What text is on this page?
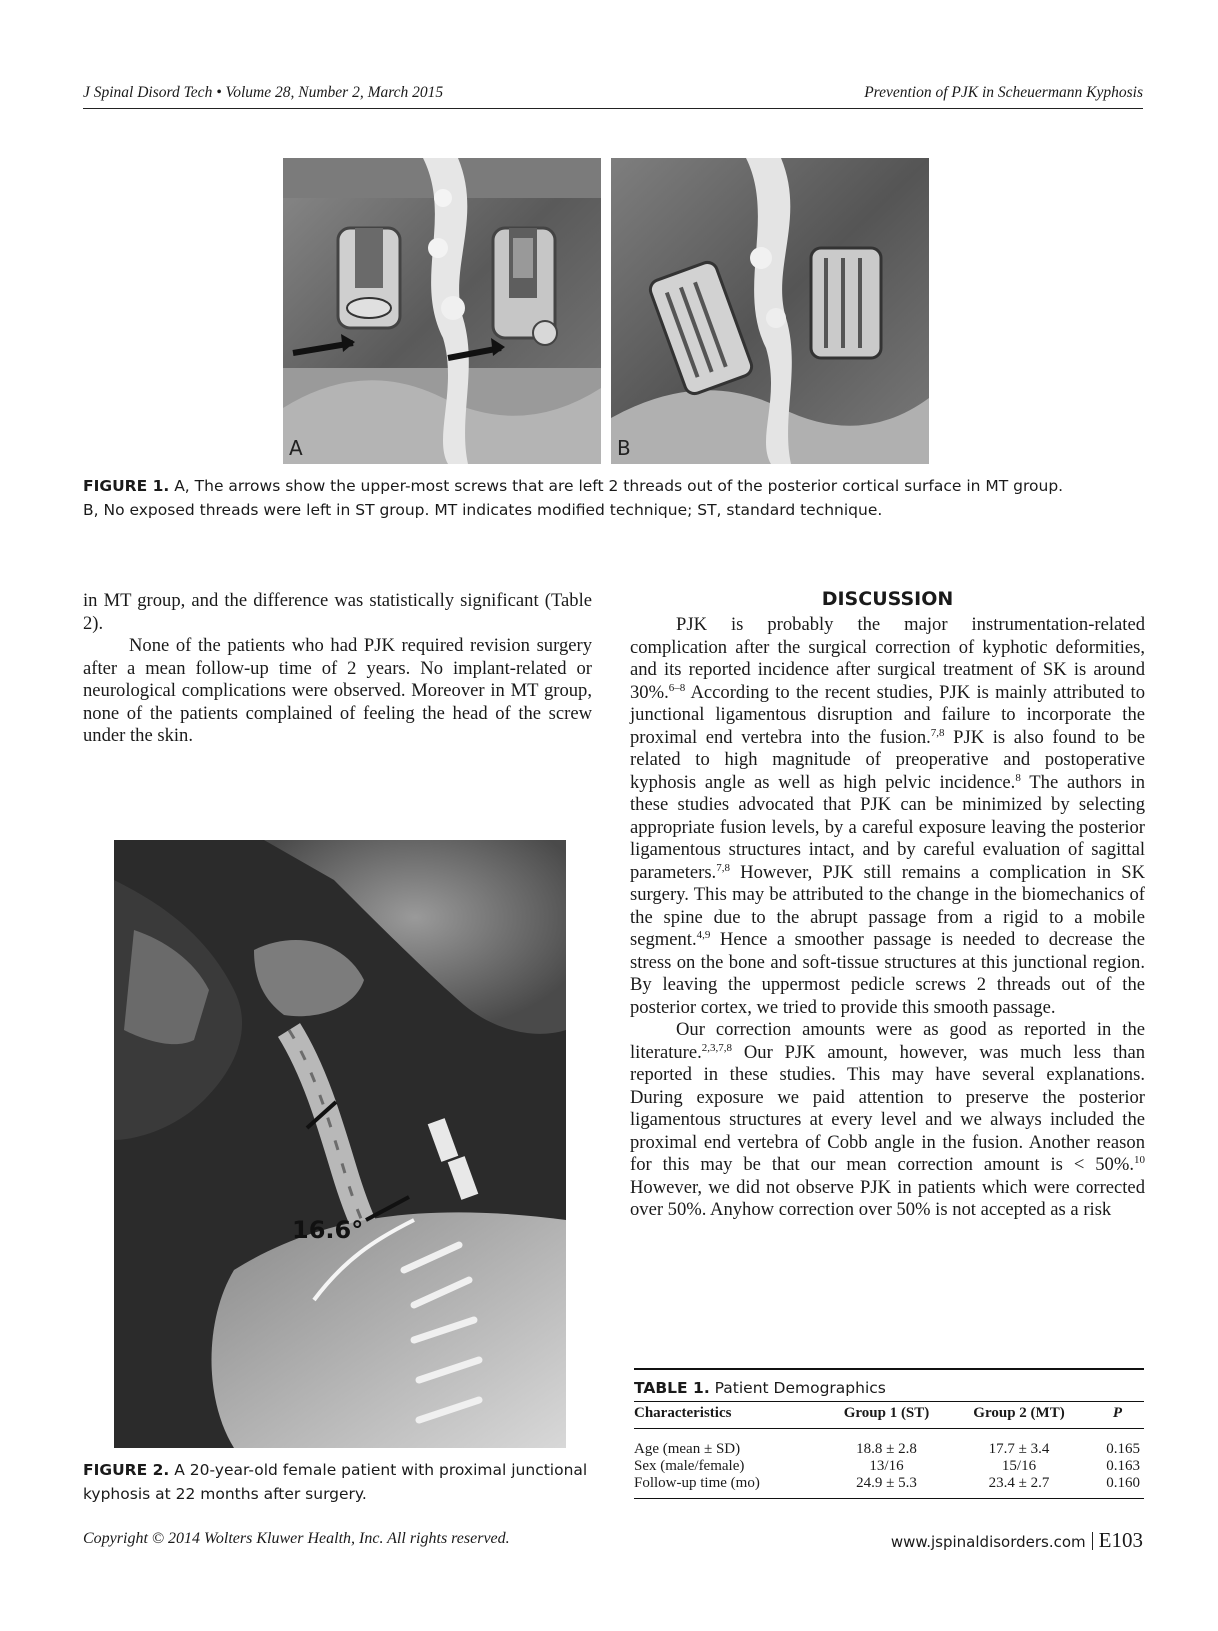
J Spinal Disord Tech • Volume 28, Number 2, March 2015	Prevention of PJK in Scheuermann Kyphosis
A	B
FIGURE 1. A, The arrows show the upper-most screws that are left 2 threads out of the posterior cortical surface in MT group.
B, No exposed threads were left in ST group. MT indicates modified technique; ST, standard technique.

in MT group, and the difference was statistically significant (Table 2).

None of the patients who had PJK required revision surgery after a mean follow-up time of 2 years. No implant-related or neurological complications were observed. Moreover in MT group, none of the patients complained of feeling the head of the screw under the skin.

16.6°
FIGURE 2. A 20-year-old female patient with proximal junctional kyphosis at 22 months after surgery.
DISCUSSION

PJK is probably the major instrumentation-related complication after the surgical correction of kyphotic deformities, and its reported incidence after surgical treatment of SK is around 30%.$^{6-8}$ According to the recent studies, PJK is mainly attributed to junctional ligamentous disruption and failure to incorporate the proximal end vertebra into the fusion.$^{7,8}$ PJK is also found to be related to high magnitude of preoperative and postoperative kyphosis angle as well as high pelvic incidence.$^8$ The authors in these studies advocated that PJK can be minimized by selecting appropriate fusion levels, by a careful exposure leaving the posterior ligamentous structures intact, and by careful evaluation of sagittal parameters.$^{7,8}$ However, PJK still remains a complication in SK surgery. This may be attributed to the change in the biomechanics of the spine due to the abrupt passage from a rigid to a mobile segment.$^{4,9}$ Hence a smoother passage is needed to decrease the stress on the bone and soft-tissue structures at this junctional region. By leaving the uppermost pedicle screws 2 threads out of the posterior cortex, we tried to provide this smooth passage.

Our correction amounts were as good as reported in the literature.$^{2,3,7,8}$ Our PJK amount, however, was much less than reported in these studies. This may have several explanations. During exposure we paid attention to preserve the posterior ligamentous structures at every level and we always included the proximal end vertebra of Cobb angle in the fusion. Another reason for this may be that our mean correction amount is < 50%.$^{10}$ However, we did not observe PJK in patients which were corrected over 50%. Anyhow correction over 50% is not accepted as a risk

TABLE 1. Patient Demographics
Characteristics	Group 1 (ST)	Group 2 (MT)	P
Age (mean ± SD)	18.8 ± 2.8	17.7 ± 3.4	0.165
Sex (male/female)	13/16	15/16	0.163
Follow-up time (mo)	24.9 ± 5.3	23.4 ± 2.7	0.160
Copyright © 2014 Wolters Kluwer Health, Inc. All rights reserved.	www.jspinaldisorders.com E103
